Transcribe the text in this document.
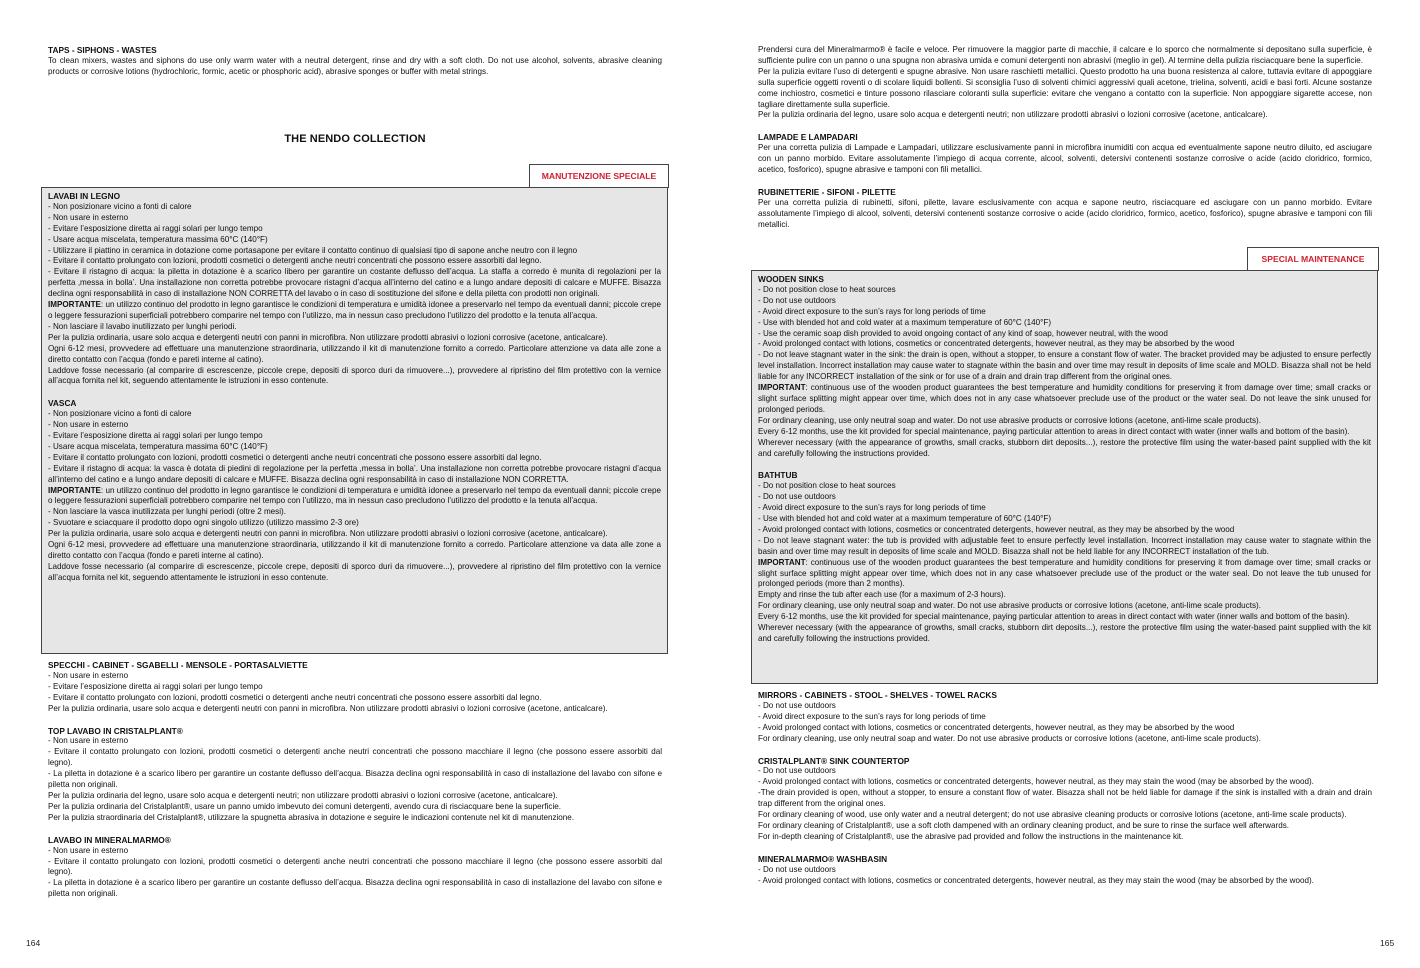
TAPS - SIPHONS - WASTES

To clean mixers, wastes and siphons do use only warm water with a neutral detergent, rinse and dry with a soft cloth. Do not use alcohol, solvents, abrasive cleaning products or corrosive lotions (hydrochloric, formic, acetic or phosphoric acid), abrasive sponges or buffer with metal strings.

THE NENDO COLLECTION
MANUTENZIONE SPECIALE

LAVABI IN LEGNO

- Non posizionare vicino a fonti di calore

- Non usare in esterno

- Evitare l’esposizione diretta ai raggi solari per lungo tempo

- Usare acqua miscelata, temperatura massima 60°C (140°F)

- Utilizzare il piattino in ceramica in dotazione come portasapone per evitare il contatto continuo di qualsiasi tipo di sapone anche neutro con il legno

- Evitare il contatto prolungato con lozioni, prodotti cosmetici o detergenti anche neutri concentrati che possono essere assorbiti dal legno.

- Evitare il ristagno di acqua: la piletta in dotazione è a scarico libero per garantire un costante deflusso dell’acqua. La staffa a corredo è munita di regolazioni per la perfetta ‚messa in bolla’. Una installazione non corretta potrebbe provocare ristagni d’acqua all’interno del catino e a lungo andare depositi di calcare e MUFFE. Bisazza declina ogni responsabilità in caso di installazione NON CORRETTA del lavabo o in caso di sostituzione del sifone e della piletta con prodotti non originali.

IMPORTANTE: un utilizzo continuo del prodotto in legno garantisce le condizioni di temperatura e umidità idonee a preservarlo nel tempo da eventuali danni; piccole crepe o leggere fessurazioni superficiali potrebbero comparire nel tempo con l’utilizzo, ma in nessun caso precludono l’utilizzo del prodotto e la tenuta all’acqua.

- Non lasciare il lavabo inutilizzato per lunghi periodi.

Per la pulizia ordinaria, usare solo acqua e detergenti neutri con panni in microfibra. Non utilizzare prodotti abrasivi o lozioni corrosive (acetone, anticalcare).

Ogni 6-12 mesi, provvedere ad effettuare una manutenzione straordinaria, utilizzando il kit di manutenzione fornito a corredo. Particolare attenzione va data alle zone a diretto contatto con l’acqua (fondo e pareti interne al catino).

Laddove fosse necessario (al comparire di escrescenze, piccole crepe, depositi di sporco duri da rimuovere...), provvedere al ripristino del film protettivo con la vernice all’acqua fornita nel kit, seguendo attentamente le istruzioni in esso contenute.

VASCA

- Non posizionare vicino a fonti di calore

- Non usare in esterno

- Evitare l’esposizione diretta ai raggi solari per lungo tempo

- Usare acqua miscelata, temperatura massima 60°C (140°F)

- Evitare il contatto prolungato con lozioni, prodotti cosmetici o detergenti anche neutri concentrati che possono essere assorbiti dal legno.

- Evitare il ristagno di acqua: la vasca è dotata di piedini di regolazione per la perfetta ‚messa in bolla’. Una installazione non corretta potrebbe provocare ristagni d’acqua all’interno del catino e a lungo andare depositi di calcare e MUFFE. Bisazza declina ogni responsabilità in caso di installazione NON CORRETTA.

IMPORTANTE: un utilizzo continuo del prodotto in legno garantisce le condizioni di temperatura e umidità idonee a preservarlo nel tempo da eventuali danni; piccole crepe o leggere fessurazioni superficiali potrebbero comparire nel tempo con l’utilizzo, ma in nessun caso precludono l’utilizzo del prodotto e la tenuta all’acqua.

- Non lasciare la vasca inutilizzata per lunghi periodi (oltre 2 mesi).

- Svuotare e sciacquare il prodotto dopo ogni singolo utilizzo (utilizzo massimo 2-3 ore)

Per la pulizia ordinaria, usare solo acqua e detergenti neutri con panni in microfibra. Non utilizzare prodotti abrasivi o lozioni corrosive (acetone, anticalcare).

Ogni 6-12 mesi, provvedere ad effettuare una manutenzione straordinaria, utilizzando il kit di manutenzione fornito a corredo. Particolare attenzione va data alle zone a diretto contatto con l’acqua (fondo e pareti interne al catino).

Laddove fosse necessario (al comparire di escrescenze, piccole crepe, depositi di sporco duri da rimuovere...), provvedere al ripristino del film protettivo con la vernice all’acqua fornita nel kit, seguendo attentamente le istruzioni in esso contenute.

SPECCHI - CABINET - SGABELLI - MENSOLE - PORTASALVIETTE

- Non usare in esterno

- Evitare l’esposizione diretta ai raggi solari per lungo tempo

- Evitare il contatto prolungato con lozioni, prodotti cosmetici o detergenti anche neutri concentrati che possono essere assorbiti dal legno.

Per la pulizia ordinaria, usare solo acqua e detergenti neutri con panni in microfibra. Non utilizzare prodotti abrasivi o lozioni corrosive (acetone, anticalcare).

TOP LAVABO IN CRISTALPLANT®

- Non usare in esterno

- Evitare il contatto prolungato con lozioni, prodotti cosmetici o detergenti anche neutri concentrati che possono macchiare il legno (che possono essere assorbiti dal legno).

- La piletta in dotazione è a scarico libero per garantire un costante deflusso dell’acqua. Bisazza declina ogni responsabilità in caso di installazione del lavabo con sifone e piletta non originali.

Per la pulizia ordinaria del legno, usare solo acqua e detergenti neutri; non utilizzare prodotti abrasivi o lozioni corrosive (acetone, anticalcare).

Per la pulizia ordinaria del Cristalplant®, usare un panno umido imbevuto dei comuni detergenti, avendo cura di risciacquare bene la superficie.

Per la pulizia straordinaria del Cristalplant®, utilizzare la spugnetta abrasiva in dotazione e seguire le indicazioni contenute nel kit di manutenzione.

LAVABO IN MINERALMARMO®

- Non usare in esterno

- Evitare il contatto prolungato con lozioni, prodotti cosmetici o detergenti anche neutri concentrati che possono macchiare il legno (che possono essere assorbiti dal legno).

- La piletta in dotazione è a scarico libero per garantire un costante deflusso dell’acqua. Bisazza declina ogni responsabilità in caso di installazione del lavabo con sifone e piletta non originali.

164

Prendersi cura del Mineralmarmo® è facile e veloce. Per rimuovere la maggior parte di macchie, il calcare e lo sporco che normalmente si depositano sulla superficie, è sufficiente pulire con un panno o una spugna non abrasiva umida e comuni detergenti non abrasivi (meglio in gel). Al termine della pulizia risciacquare bene la superficie.

Per la pulizia evitare l’uso di detergenti e spugne abrasive. Non usare raschietti metallici. Questo prodotto ha una buona resistenza al calore, tuttavia evitare di appoggiare sulla superficie oggetti roventi o di scolare liquidi bollenti. Si sconsiglia l’uso di solventi chimici aggressivi quali acetone, trielina, solventi, acidi e basi forti. Alcune sostanze come inchiostro, cosmetici e tinture possono rilasciare coloranti sulla superficie: evitare che vengano a contatto con la superficie. Non appoggiare sigarette accese, non tagliare direttamente sulla superficie.

Per la pulizia ordinaria del legno, usare solo acqua e detergenti neutri; non utilizzare prodotti abrasivi o lozioni corrosive (acetone, anticalcare).

LAMPADE E LAMPADARI

Per una corretta pulizia di Lampade e Lampadari, utilizzare esclusivamente panni in microfibra inumiditi con acqua ed eventualmente sapone neutro diluito, ed asciugare con un panno morbido. Evitare assolutamente l’impiego di acqua corrente, alcool, solventi, detersivi contenenti sostanze corrosive o acide (acido cloridrico, formico, acetico, fosforico), spugne abrasive e tamponi con fili metallici.

RUBINETTERIE - SIFONI - PILETTE

Per una corretta pulizia di rubinetti, sifoni, pilette, lavare esclusivamente con acqua e sapone neutro, risciacquare ed asciugare con un panno morbido. Evitare assolutamente l’impiego di alcool, solventi, detersivi contenenti sostanze corrosive o acide (acido cloridrico, formico, acetico, fosforico), spugne abrasive e tamponi con fili metallici.

SPECIAL MAINTENANCE

WOODEN SINKS

- Do not position close to heat sources

- Do not use outdoors

- Avoid direct exposure to the sun’s rays for long periods of time

- Use with blended hot and cold water at a maximum temperature of 60°C (140°F)

- Use the ceramic soap dish provided to avoid ongoing contact of any kind of soap, however neutral, with the wood

- Avoid prolonged contact with lotions, cosmetics or concentrated detergents, however neutral, as they may be absorbed by the wood

- Do not leave stagnant water in the sink: the drain is open, without a stopper, to ensure a constant flow of water. The bracket provided may be adjusted to ensure perfectly level installation. Incorrect installation may cause water to stagnate within the basin and over time may result in deposits of lime scale and MOLD. Bisazza shall not be held liable for any INCORRECT installation of the sink or for use of a drain and drain trap different from the original ones.

IMPORTANT: continuous use of the wooden product guarantees the best temperature and humidity conditions for preserving it from damage over time; small cracks or slight surface splitting might appear over time, which does not in any case whatsoever preclude use of the product or the water seal. Do not leave the sink unused for prolonged periods.

For ordinary cleaning, use only neutral soap and water. Do not use abrasive products or corrosive lotions (acetone, anti-lime scale products).

Every 6-12 months, use the kit provided for special maintenance, paying particular attention to areas in direct contact with water (inner walls and bottom of the basin).

Wherever necessary (with the appearance of growths, small cracks, stubborn dirt deposits...), restore the protective film using the water-based paint supplied with the kit and carefully following the instructions provided.

BATHTUB

- Do not position close to heat sources

- Do not use outdoors

- Avoid direct exposure to the sun’s rays for long periods of time

- Use with blended hot and cold water at a maximum temperature of 60°C (140°F)

- Avoid prolonged contact with lotions, cosmetics or concentrated detergents, however neutral, as they may be absorbed by the wood

- Do not leave stagnant water: the tub is provided with adjustable feet to ensure perfectly level installation. Incorrect installation may cause water to stagnate within the basin and over time may result in deposits of lime scale and MOLD. Bisazza shall not be held liable for any INCORRECT installation of the tub.

IMPORTANT: continuous use of the wooden product guarantees the best temperature and humidity conditions for preserving it from damage over time; small cracks or slight surface splitting might appear over time, which does not in any case whatsoever preclude use of the product or the water seal. Do not leave the tub unused for prolonged periods (more than 2 months).

Empty and rinse the tub after each use (for a maximum of 2-3 hours).

For ordinary cleaning, use only neutral soap and water. Do not use abrasive products or corrosive lotions (acetone, anti-lime scale products).

Every 6-12 months, use the kit provided for special maintenance, paying particular attention to areas in direct contact with water (inner walls and bottom of the basin).

Wherever necessary (with the appearance of growths, small cracks, stubborn dirt deposits...), restore the protective film using the water-based paint supplied with the kit and carefully following the instructions provided.

MIRRORS - CABINETS - STOOL - SHELVES - TOWEL RACKS

- Do not use outdoors

- Avoid direct exposure to the sun’s rays for long periods of time

- Avoid prolonged contact with lotions, cosmetics or concentrated detergents, however neutral, as they may be absorbed by the wood

For ordinary cleaning, use only neutral soap and water. Do not use abrasive products or corrosive lotions (acetone, anti-lime scale products).

CRISTALPLANT® SINK COUNTERTOP

- Do not use outdoors

- Avoid prolonged contact with lotions, cosmetics or concentrated detergents, however neutral, as they may stain the wood (may be absorbed by the wood).

-The drain provided is open, without a stopper, to ensure a constant flow of water. Bisazza shall not be held liable for damage if the sink is installed with a drain and drain trap different from the original ones.

For ordinary cleaning of wood, use only water and a neutral detergent; do not use abrasive cleaning products or corrosive lotions (acetone, anti-lime scale products).

For ordinary cleaning of Cristalplant®, use a soft cloth dampened with an ordinary cleaning product, and be sure to rinse the surface well afterwards.

For in-depth cleaning of Cristalplant®, use the abrasive pad provided and follow the instructions in the maintenance kit.

MINERALMARMO® WASHBASIN

- Do not use outdoors

- Avoid prolonged contact with lotions, cosmetics or concentrated detergents, however neutral, as they may stain the wood (may be absorbed by the wood).

165
